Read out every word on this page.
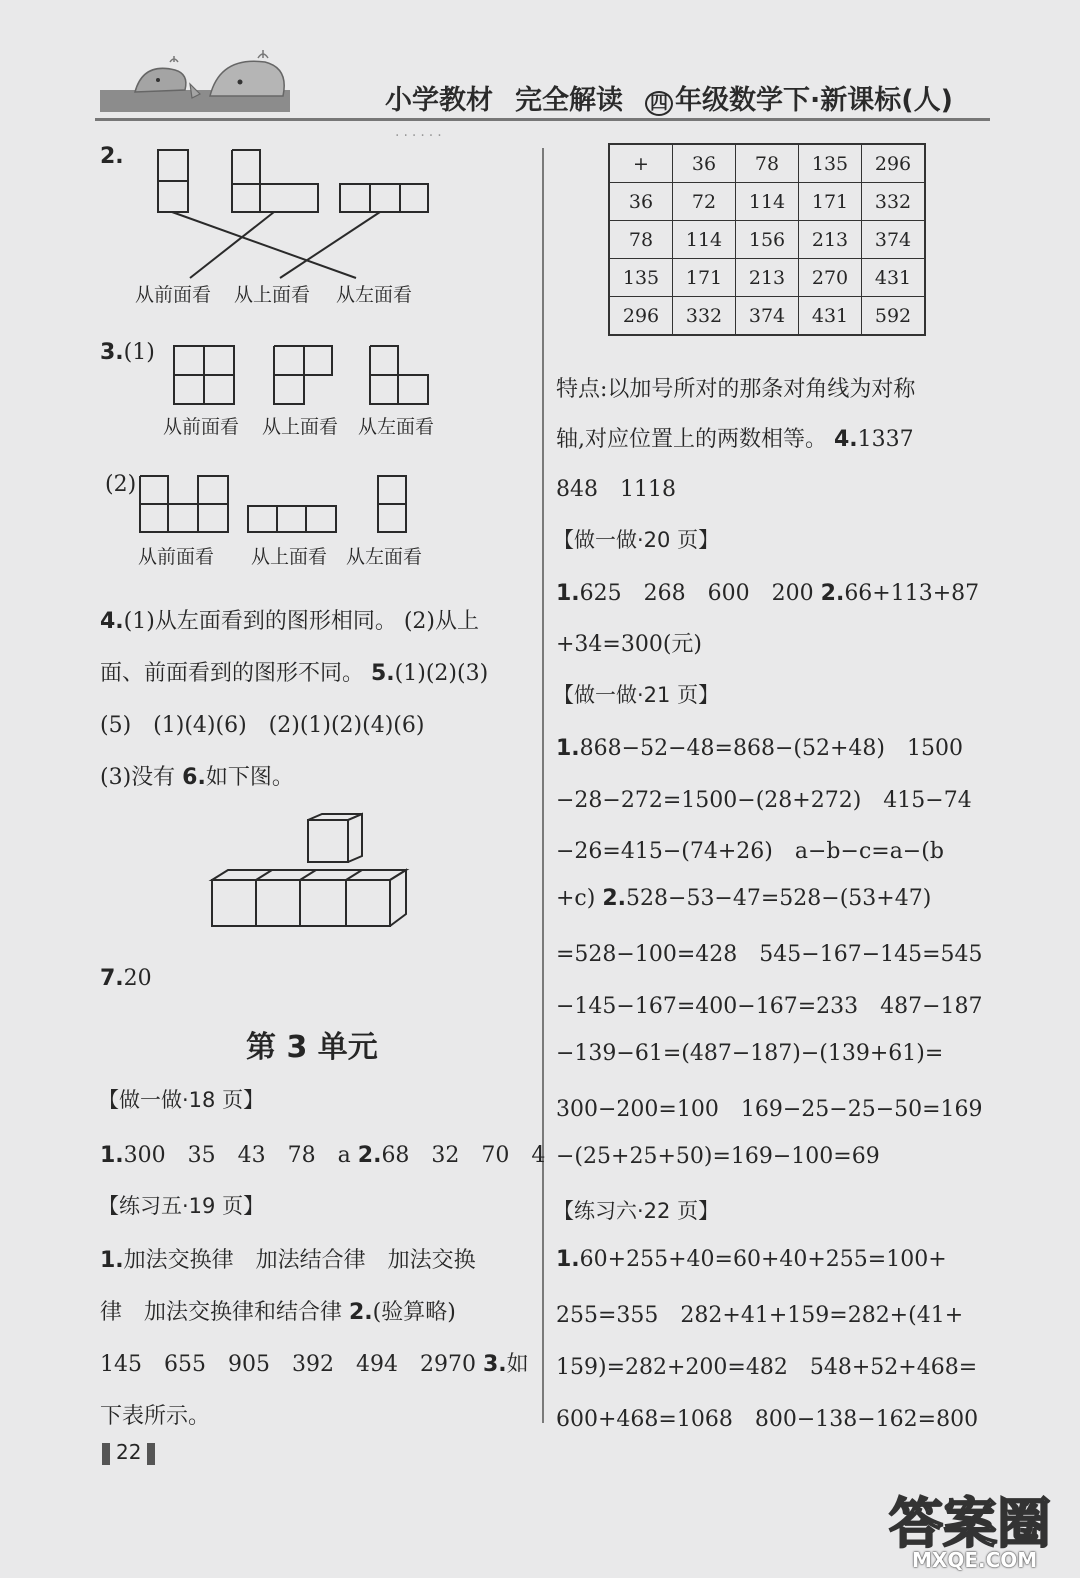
······
小学教材 完全解读 四 年级数学下·新课标(人)
2.
从前面看 从上面看 从左面看
3.(1)
从前面看 从上面看 从左面看
(2)
从前面看 从上面看 从左面看
4.(1)从左面看到的图形相同。 (2)从上
面、前面看到的图形不同。 5.(1)(2)(3)
(5)　(1)(4)(6)　(2)(1)(2)(4)(6)
(3)没有 6.如下图。
7.20
第 3 单元
【做一做·18 页】
1.300　35　43　78　a 2.68　32　70　4
【练习五·19 页】
1.加法交换律　加法结合律　加法交换
律　加法交换律和结合律 2.(验算略)
145　655　905　392　494　2970 3.如
下表所示。
+	36	78	135	296
36	72	114	171	332
78	114	156	213	374
135	171	213	270	431
296	332	374	431	592
特点:以加号所对的那条对角线为对称
轴,对应位置上的两数相等。 4.1337
848　1118
【做一做·20 页】
1.625　268　600　200 2.66+113+87
+34=300(元)
【做一做·21 页】
1.868−52−48=868−(52+48)　1500
−28−272=1500−(28+272)　415−74
−26=415−(74+26)　a−b−c=a−(b
+c) 2.528−53−47=528−(53+47)
=528−100=428　545−167−145=545
−145−167=400−167=233　487−187
−139−61=(487−187)−(139+61)=
300−200=100　169−25−25−50=169
−(25+25+50)=169−100=69
【练习六·22 页】
1.60+255+40=60+40+255=100+
255=355　282+41+159=282+(41+
159)=282+200=482　548+52+468=
600+468=1068　800−138−162=800
22
答案圈
MXQE.COM
